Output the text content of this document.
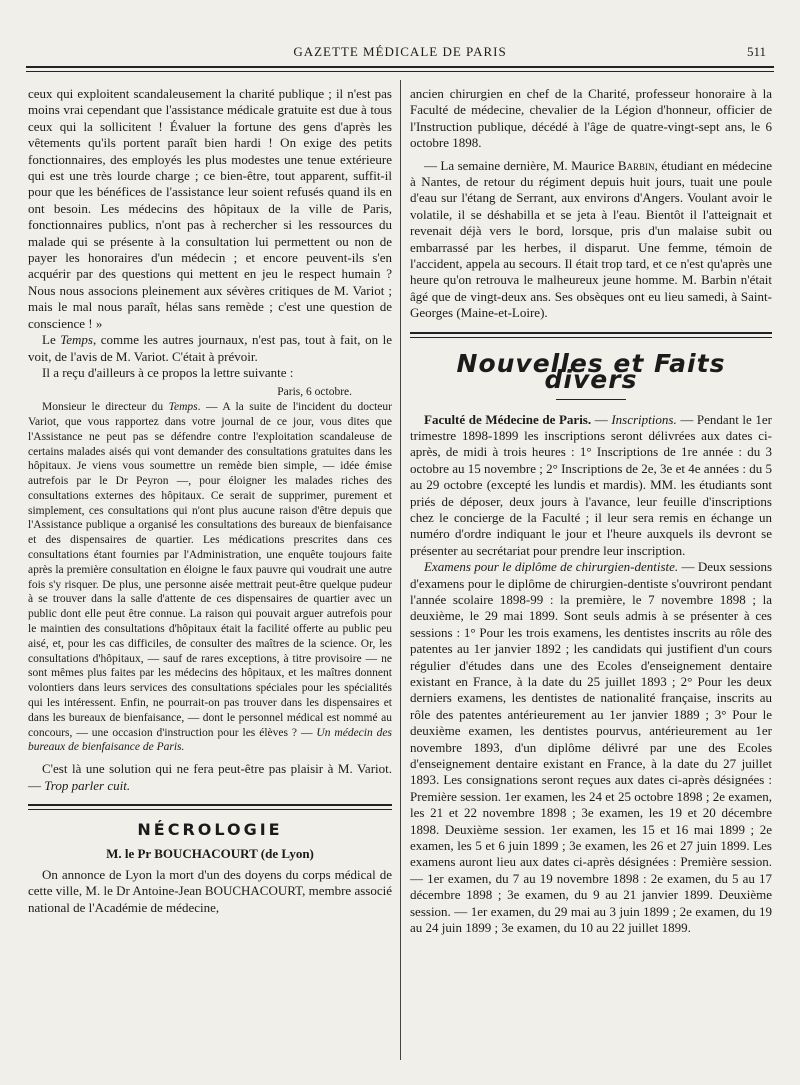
GAZETTE MÉDICALE DE PARIS	511

ceux qui exploitent scandaleusement la charité publique ; il n'est pas moins vrai cependant que l'assistance médicale gratuite est due à tous ceux qui la sollicitent ! Évaluer la fortune des gens d'après les vêtements qu'ils portent paraît bien hardi ! On exige des petits fonctionnaires, des employés les plus modestes une tenue extérieure qui est une très lourde charge ; ce bien-être, tout apparent, suffit-il pour que les bénéfices de l'assistance leur soient refusés quand ils en ont besoin. Les médecins des hôpitaux de la ville de Paris, fonctionnaires publics, n'ont pas à rechercher si les ressources du malade qui se présente à la consultation lui permettent ou non de payer les honoraires d'un médecin ; et encore peuvent-ils s'en acquérir par des questions qui mettent en jeu le respect humain ? Nous nous associons pleinement aux sévères critiques de M. Variot ; mais le mal nous paraît, hélas sans remède ; c'est une question de conscience ! »

Le Temps, comme les autres journaux, n'est pas, tout à fait, on le voit, de l'avis de M. Variot. C'était à prévoir.

Il a reçu d'ailleurs à ce propos la lettre suivante :

Paris, 6 octobre.

Monsieur le directeur du Temps. — A la suite de l'incident du docteur Variot, que vous rapportez dans votre journal de ce jour, vous dites que l'Assistance ne peut pas se défendre contre l'exploitation scandaleuse de certains malades aisés qui vont demander des consultations gratuites dans les hôpitaux. Je viens vous soumettre un remède bien simple, — idée émise autrefois par le Dr Peyron —, pour éloigner les malades riches des consultations externes des hôpitaux. Ce serait de supprimer, purement et simplement, ces consultations qui n'ont plus aucune raison d'être depuis que l'Assistance publique a organisé les consultations des bureaux de bienfaisance et des dispensaires de quartier. Les médications prescrites dans ces consultations étant fournies par l'Administration, une enquête toujours faite après la première consultation en éloigne le faux pauvre qui voudrait une autre fois s'y risquer. De plus, une personne aisée mettrait peut-être quelque pudeur à se trouver dans la salle d'attente de ces dispensaires de quartier avec un public dont elle peut être connue. La raison qui pouvait arguer autrefois pour le maintien des consultations d'hôpitaux était la facilité offerte au public peu aisé, et, pour les cas difficiles, de consulter des maîtres de la science. Or, les consultations d'hôpitaux, — sauf de rares exceptions, à titre provisoire — ne sont mêmes plus faites par les médecins des hôpitaux, et les maîtres donnent volontiers dans leurs services des consultations spéciales pour les spécialités qui les intéressent. Enfin, ne pourrait-on pas trouver dans les dispensaires et dans les bureaux de bienfaisance, — dont le personnel médical est nommé au concours, — une occasion d'instruction pour les élèves ? — Un médecin des bureaux de bienfaisance de Paris.

C'est là une solution qui ne fera peut-être pas plaisir à M. Variot. — Trop parler cuit.

NÉCROLOGIE
M. le Pr BOUCHACOURT (de Lyon)

On annonce de Lyon la mort d'un des doyens du corps médical de cette ville, M. le Dr Antoine-Jean BOUCHACOURT, membre associé national de l'Académie de médecine,

ancien chirurgien en chef de la Charité, professeur honoraire à la Faculté de médecine, chevalier de la Légion d'honneur, officier de l'Instruction publique, décédé à l'âge de quatre-vingt-sept ans, le 6 octobre 1898.

— La semaine dernière, M. Maurice Barbin, étudiant en médecine à Nantes, de retour du régiment depuis huit jours, tuait une poule d'eau sur l'étang de Serrant, aux environs d'Angers. Voulant avoir le volatile, il se déshabilla et se jeta à l'eau. Bientôt il l'atteignait et revenait déjà vers le bord, lorsque, pris d'un malaise subit ou embarrassé par les herbes, il disparut. Une femme, témoin de l'accident, appela au secours. Il était trop tard, et ce n'est qu'après une heure qu'on retrouva le malheureux jeune homme. M. Barbin n'était âgé que de vingt-deux ans. Ses obsèques ont eu lieu samedi, à Saint-Georges (Maine-et-Loire).

Nouvelles et Faits divers

Faculté de Médecine de Paris. — Inscriptions. — Pendant le 1er trimestre 1898-1899 les inscriptions seront délivrées aux dates ci-après, de midi à trois heures : 1° Inscriptions de 1re année : du 3 octobre au 15 novembre ; 2° Inscriptions de 2e, 3e et 4e années : du 5 au 29 octobre (excepté les lundis et mardis). MM. les étudiants sont priés de déposer, deux jours à l'avance, leur feuille d'inscriptions chez le concierge de la Faculté ; il leur sera remis en échange un numéro d'ordre indiquant le jour et l'heure auxquels ils devront se présenter au secrétariat pour prendre leur inscription.

Examens pour le diplôme de chirurgien-dentiste. — Deux sessions d'examens pour le diplôme de chirurgien-dentiste s'ouvriront pendant l'année scolaire 1898-99 : la première, le 7 novembre 1898 ; la deuxième, le 29 mai 1899. Sont seuls admis à se présenter à ces sessions : 1° Pour les trois examens, les dentistes inscrits au rôle des patentes au 1er janvier 1892 ; les candidats qui justifient d'un cours régulier d'études dans une des Ecoles d'enseignement dentaire existant en France, à la date du 25 juillet 1893 ; 2° Pour les deux derniers examens, les dentistes de nationalité française, inscrits au rôle des patentes antérieurement au 1er janvier 1889 ; 3° Pour le deuxième examen, les dentistes pourvus, antérieurement au 1er novembre 1893, d'un diplôme délivré par une des Ecoles d'enseignement dentaire existant en France, à la date du 27 juillet 1893. Les consignations seront reçues aux dates ci-après désignées : Première session. 1er examen, les 24 et 25 octobre 1898 ; 2e examen, les 21 et 22 novembre 1898 ; 3e examen, les 19 et 20 décembre 1898. Deuxième session. 1er examen, les 15 et 16 mai 1899 ; 2e examen, les 5 et 6 juin 1899 ; 3e examen, les 26 et 27 juin 1899. Les examens auront lieu aux dates ci-après désignées : Première session. — 1er examen, du 7 au 19 novembre 1898 : 2e examen, du 5 au 17 décembre 1898 ; 3e examen, du 9 au 21 janvier 1899. Deuxième session. — 1er examen, du 29 mai au 3 juin 1899 ; 2e examen, du 19 au 24 juin 1899 ; 3e examen, du 10 au 22 juillet 1899.
